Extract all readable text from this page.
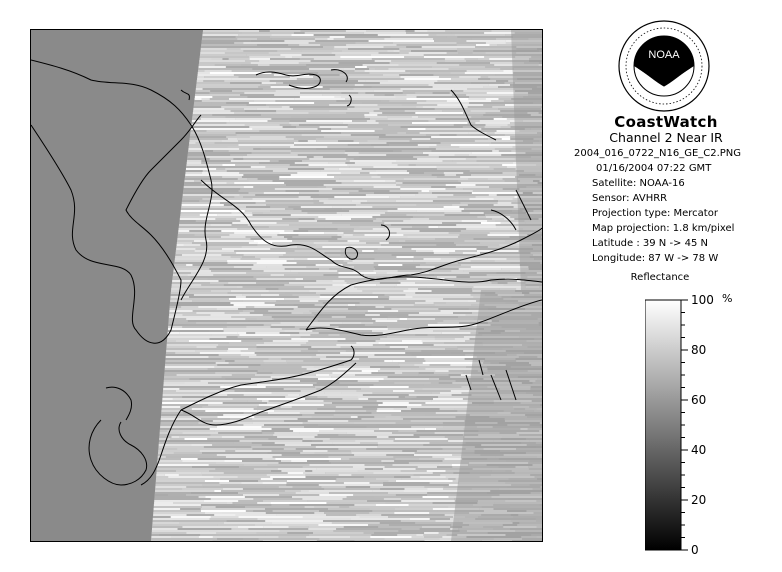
NOAA
CoastWatch
Channel 2 Near IR
2004_016_0722_N16_GE_C2.PNG
01/16/2004 07:22 GMT
Satellite: NOAA-16
Sensor: AVHRR
Projection type: Mercator
Map projection: 1.8 km/pixel
Latitude : 39 N -> 45 N
Longitude: 87 W -> 78 W
Reflectance
%
100
80
60
40
20
0
